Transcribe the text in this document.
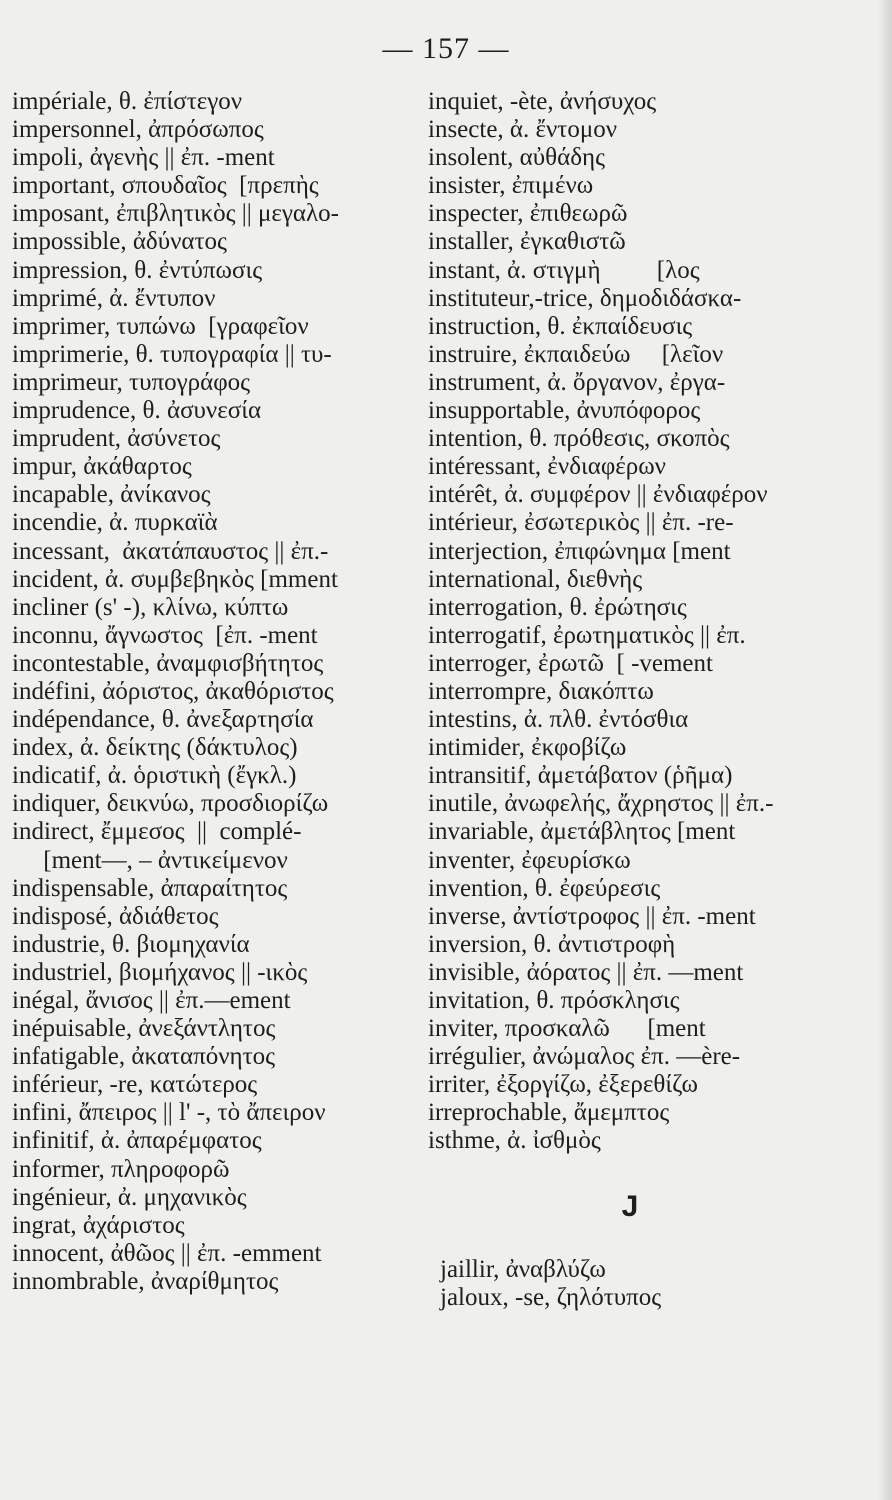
— 157 —
impériale, θ. ἐπίστεγον
impersonnel, ἀπρόσωπος
impoli, ἀγενὴς || ἐπ. -ment
important, σπουδαῖος  [πρεπὴς
imposant, ἐπιβλητικὸς || μεγαλο-
impossible, ἀδύνατος
impression, θ. ἐντύπωσις
imprimé, ἀ. ἔντυπον
imprimer, τυπώνω  [γραφεῖον
imprimerie, θ. τυπογραφία || τυ-
imprimeur, τυπογράφος
imprudence, θ. ἀσυνεσία
imprudent, ἀσύνετος
impur, ἀκάθαρτος
incapable, ἀνίκανος
incendie, ἀ. πυρκαϊὰ
incessant,  ἀκατάπαυστος || ἐπ.-
incident, ἀ. συμβεβηκὸς [mment
incliner (s' -), κλίνω, κύπτω
inconnu, ἄγνωστος  [ἐπ. -ment
incontestable, ἀναμφισβήτητος
indéfini, ἀόριστος, ἀκαθόριστος
indépendance, θ. ἀνεξαρτησία
index, ἀ. δείκτης (δάκτυλος)
indicatif, ἀ. ὁριστικὴ (ἔγκλ.)
indiquer, δεικνύω, προσδιορίζω
indirect, ἔμμεσος  ||  complé-
[ment—, – ἀντικείμενον
indispensable, ἀπαραίτητος
indisposé, ἀδιάθετος
industrie, θ. βιομηχανία
industriel, βιομήχανος || -ικὸς
inégal, ἄνισος || ἐπ.—ement
inépuisable, ἀνεξάντλητος
infatigable, ἀκαταπόνητος
inférieur, -re, κατώτερος
infini, ἄπειρος || l' -, τὸ ἄπειρον
infinitif, ἀ. ἀπαρέμφατος
informer, πληροφορῶ
ingénieur, ἀ. μηχανικὸς
ingrat, ἀχάριστος
innocent, ἀθῶος || ἐπ. -emment
innombrable, ἀναρίθμητος
inquiet, -ète, ἀνήσυχος
insecte, ἀ. ἔντομον
insolent, αὐθάδης
insister, ἐπιμένω
inspecter, ἐπιθεωρῶ
installer, ἐγκαθιστῶ
instant, ἀ. στιγμὴ         [λος
instituteur,-trice, δημοδιδάσκα-
instruction, θ. ἐκπαίδευσις
instruire, ἐκπαιδεύω     [λεῖον
instrument, ἀ. ὄργανον, ἐργα-
insupportable, ἀνυπόφορος
intention, θ. πρόθεσις, σκοπὸς
intéressant, ἐνδιαφέρων
intérêt, ἀ. συμφέρον || ἐνδιαφέρον
intérieur, ἐσωτερικὸς || ἐπ. -re-
interjection, ἐπιφώνημα [ment
international, διεθνὴς
interrogation, θ. ἐρώτησις
interrogatif, ἐρωτηματικὸς || ἐπ.
interroger, ἐρωτῶ  [ -vement
interrompre, διακόπτω
intestins, ἀ. πλθ. ἐντόσθια
intimider, ἐκφοβίζω
intransitif, ἀμετάβατον (ῥῆμα)
inutile, ἀνωφελής, ἄχρηστος || ἐπ.-
invariable, ἀμετάβλητος [ment
inventer, ἐφευρίσκω
invention, θ. ἐφεύρεσις
inverse, ἀντίστροφος || ἐπ. -ment
inversion, θ. ἀντιστροφὴ
invisible, ἀόρατος || ἐπ. —ment
invitation, θ. πρόσκλησις
inviter, προσκαλῶ      [ment
irrégulier, ἀνώμαλος ἐπ. —ère-
irriter, ἐξοργίζω, ἐξερεθίζω
irreprochable, ἄμεμπτος
isthme, ἀ. ἰσθμὸς
J
jaillir, ἀναβλύζω
jaloux, -se, ζηλότυπος
